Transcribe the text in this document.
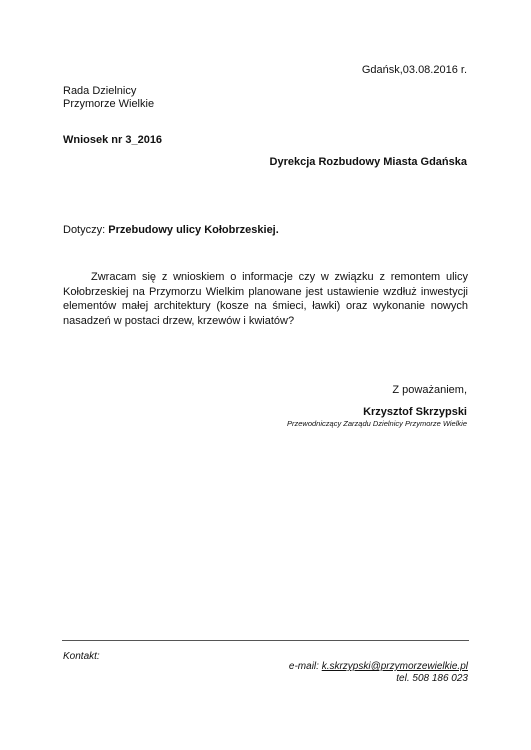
Gdańsk,03.08.2016 r.

Rada Dzielnicy
Przymorze Wielkie

Wniosek nr 3_2016

Dyrekcja Rozbudowy Miasta Gdańska

Dotyczy: Przebudowy ulicy Kołobrzeskiej.

Zwracam się z wnioskiem o informacje czy w związku z remontem ulicy Kołobrzeskiej na Przymorzu Wielkim planowane jest ustawienie wzdłuż inwestycji elementów małej architektury (kosze na śmieci, ławki) oraz wykonanie nowych nasadzeń w postaci drzew, krzewów i kwiatów?

Z poważaniem,

Krzysztof Skrzypski

Przewodniczący Zarządu Dzielnicy Przymorze Wielkie

Kontakt:

e-mail: k.skrzypski@przymorzewielkie.pl

tel. 508 186 023
